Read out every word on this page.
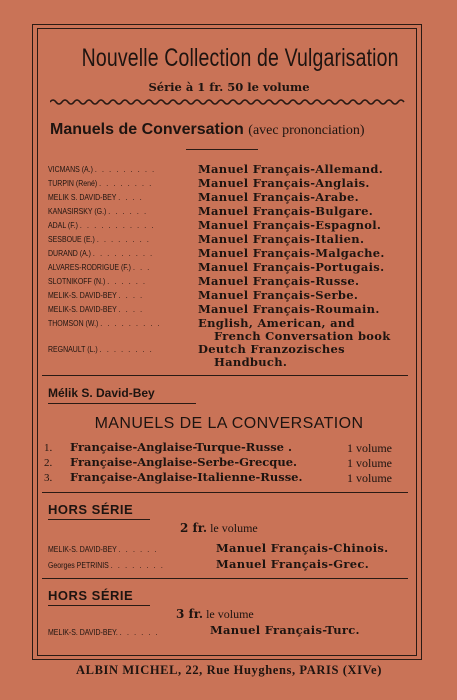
Nouvelle Collection de Vulgarisation
Série à 1 fr. 50 le volume
Manuels de Conversation (avec prononciation)
VICMANS (A.) . . . . . . . . .	Manuel Français-Allemand.
TURPIN (René) . . . . . . . .	Manuel Français-Anglais.
MELIK S. DAVID-BEY . . . .	Manuel Français-Arabe.
KANASIRSKY (G.) . . . . . .	Manuel Français-Bulgare.
ADAL (F.) . . . . . . . . . . .	Manuel Français-Espagnol.
SESBOUE (E.) . . . . . . . .	Manuel Français-Italien.
DURAND (A.) . . . . . . . . .	Manuel Français-Malgache.
ALVARES-RODRIGUE (F.) . . .	Manuel Français-Portugais.
SLOTNIKOFF (N.) . . . . . .	Manuel Français-Russe.
MELIK-S. DAVID-BEY . . . .	Manuel Français-Serbe.
MELIK-S. DAVID-BEY . . . .	Manuel Français-Roumain.
THOMSON (W.) . . . . . . . . .	English, American, and
French Conversation book
REGNAULT (L.) . . . . . . . .	Deutch Franzozisches
Handbuch.
Mélik S. David-Bey
MANUELS DE LA CONVERSATION
1. Française-Anglaise-Turque-Russe .	1 volume
2. Française-Anglaise-Serbe-Grecque.	1 volume
3. Française-Anglaise-Italienne-Russe.	1 volume
HORS SÉRIE
2 fr. le volume
MELIK-S. DAVID-BEY . . . . . .	Manuel Français-Chinois.
Georges PETRINIS . . . . . . . .	Manuel Français-Grec.
HORS SÉRIE
3 fr. le volume
MELIK-S. DAVID-BEY. . . . . . .	Manuel Français-Turc.
ALBIN MICHEL, 22, Rue Huyghens, PARIS (XIVe)
